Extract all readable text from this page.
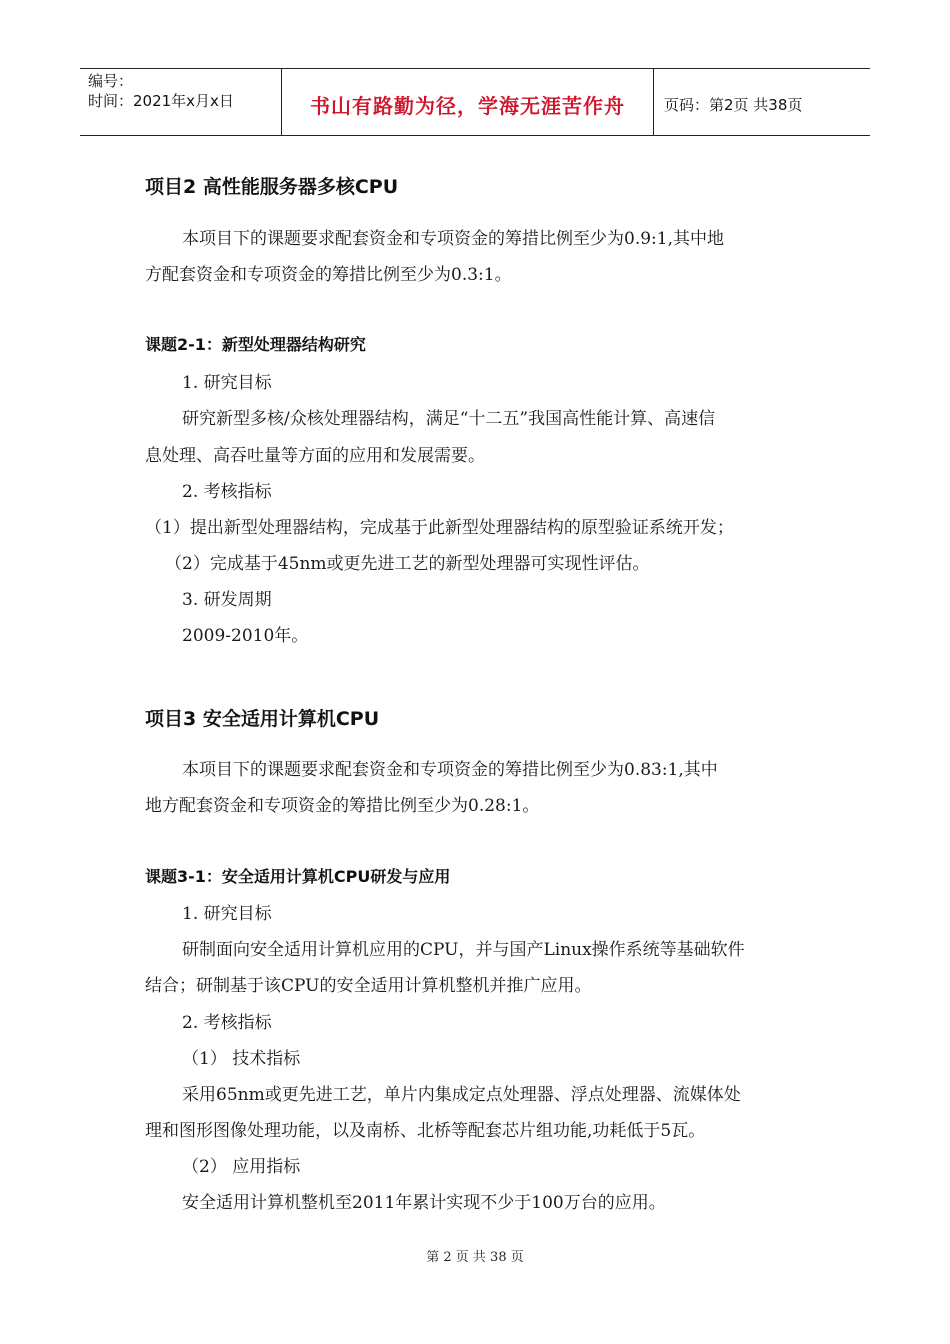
编号：
时间：2021年x月x日	书山有路勤为径，学海无涯苦作舟	页码：第2页 共38页
项目2 高性能服务器多核CPU
本项目下的课题要求配套资金和专项资金的筹措比例至少为0.9:1,其中地
方配套资金和专项资金的筹措比例至少为0.3:1。
课题2-1：新型处理器结构研究
1. 研究目标
研究新型多核/众核处理器结构，满足“十二五”我国高性能计算、高速信
息处理、高吞吐量等方面的应用和发展需要。
2. 考核指标
（1）提出新型处理器结构，完成基于此新型处理器结构的原型验证系统开发；
（2）完成基于45nm或更先进工艺的新型处理器可实现性评估。
3. 研发周期
2009-2010年。
项目3 安全适用计算机CPU
本项目下的课题要求配套资金和专项资金的筹措比例至少为0.83:1,其中
地方配套资金和专项资金的筹措比例至少为0.28:1。
课题3-1：安全适用计算机CPU研发与应用
1. 研究目标
研制面向安全适用计算机应用的CPU，并与国产Linux操作系统等基础软件
结合；研制基于该CPU的安全适用计算机整机并推广应用。
2. 考核指标
（1） 技术指标
采用65nm或更先进工艺，单片内集成定点处理器、浮点处理器、流媒体处
理和图形图像处理功能，以及南桥、北桥等配套芯片组功能,功耗低于5瓦。
（2） 应用指标
安全适用计算机整机至2011年累计实现不少于100万台的应用。
第 2 页 共 38 页
